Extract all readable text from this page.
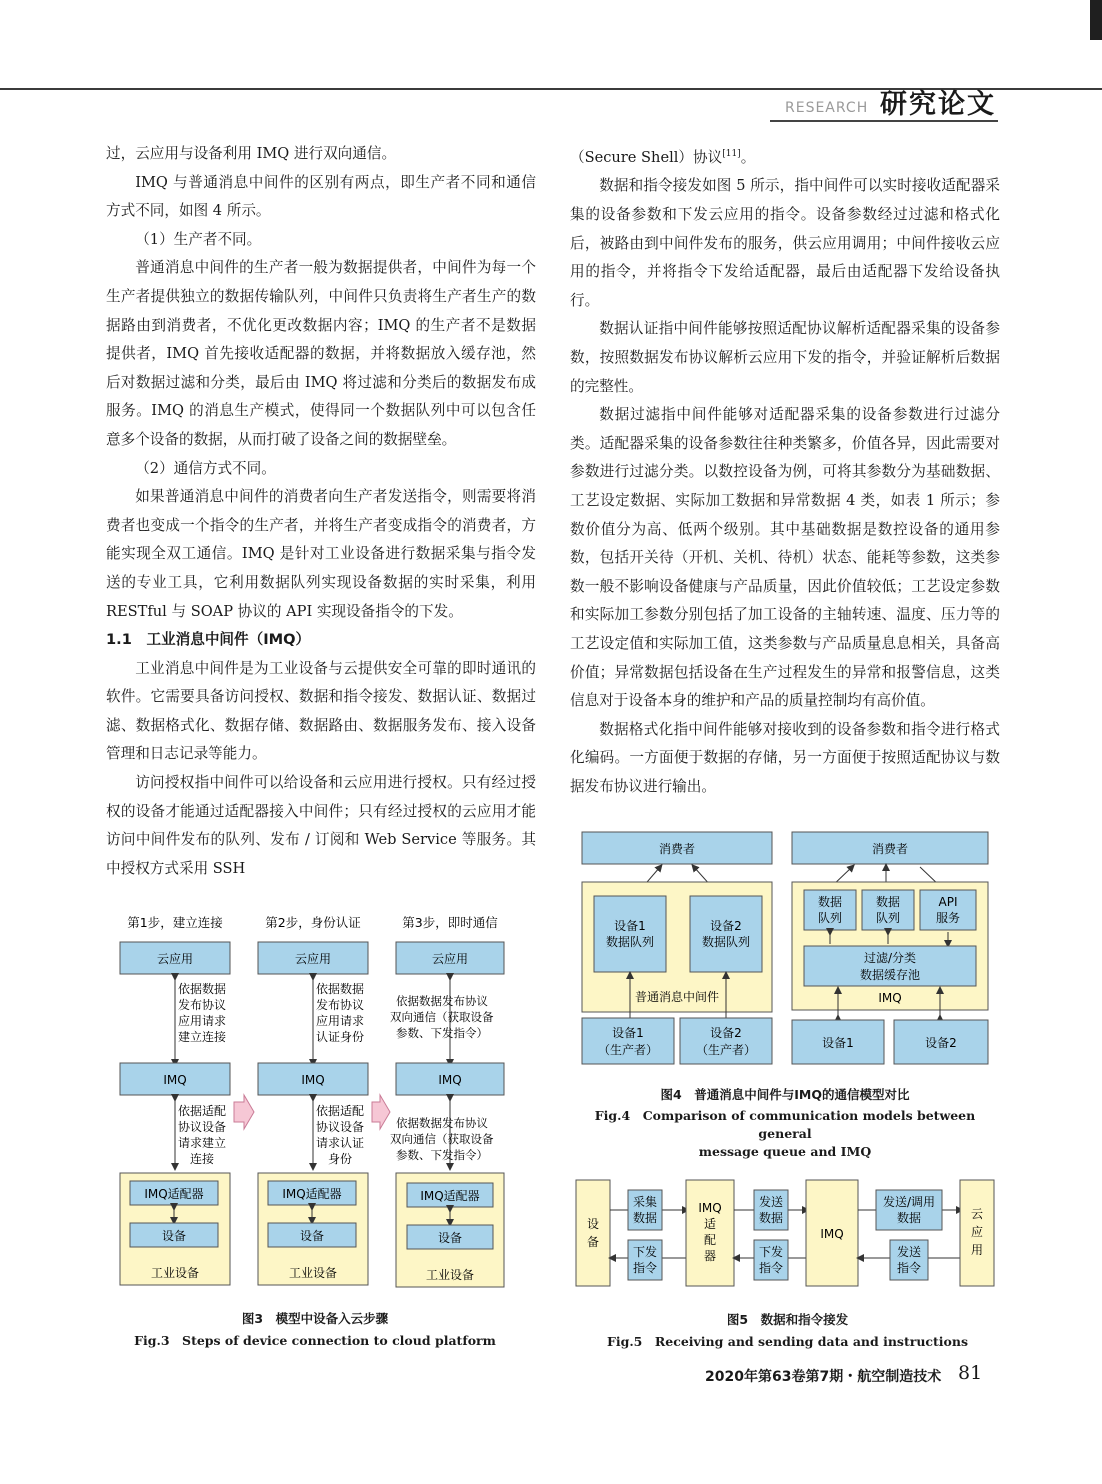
RESEARCH 研究论文

过，云应用与设备利用 IMQ 进行双向通信。

IMQ 与普通消息中间件的区别有两点，即生产者不同和通信方式不同，如图 4 所示。

（1）生产者不同。

普通消息中间件的生产者一般为数据提供者，中间件为每一个生产者提供独立的数据传输队列，中间件只负责将生产者生产的数据路由到消费者，不优化更改数据内容；IMQ 的生产者不是数据提供者，IMQ 首先接收适配器的数据，并将数据放入缓存池，然后对数据过滤和分类，最后由 IMQ 将过滤和分类后的数据发布成服务。IMQ 的消息生产模式，使得同一个数据队列中可以包含任意多个设备的数据，从而打破了设备之间的数据壁垒。

（2）通信方式不同。

如果普通消息中间件的消费者向生产者发送指令，则需要将消费者也变成一个指令的生产者，并将生产者变成指令的消费者，方能实现全双工通信。IMQ 是针对工业设备进行数据采集与指令发送的专业工具，它利用数据队列实现设备数据的实时采集，利用 RESTful 与 SOAP 协议的 API 实现设备指令的下发。

1.1　工业消息中间件（IMQ）

工业消息中间件是为工业设备与云提供安全可靠的即时通讯的软件。它需要具备访问授权、数据和指令接发、数据认证、数据过滤、数据格式化、数据存储、数据路由、数据服务发布、接入设备管理和日志记录等能力。

访问授权指中间件可以给设备和云应用进行授权。只有经过授权的设备才能通过适配器接入中间件；只有经过授权的云应用才能访问中间件发布的队列、发布 / 订阅和 Web Service 等服务。其中授权方式采用 SSH

（Secure Shell）协议[11]。

数据和指令接发如图 5 所示，指中间件可以实时接收适配器采集的设备参数和下发云应用的指令。设备参数经过过滤和格式化后，被路由到中间件发布的服务，供云应用调用；中间件接收云应用的指令，并将指令下发给适配器，最后由适配器下发给设备执行。

数据认证指中间件能够按照适配协议解析适配器采集的设备参数，按照数据发布协议解析云应用下发的指令，并验证解析后数据的完整性。

数据过滤指中间件能够对适配器采集的设备参数进行过滤分类。适配器采集的设备参数往往种类繁多，价值各异，因此需要对参数进行过滤分类。以数控设备为例，可将其参数分为基础数据、工艺设定数据、实际加工数据和异常数据 4 类，如表 1 所示；参数价值分为高、低两个级别。其中基础数据是数控设备的通用参数，包括开关待（开机、关机、待机）状态、能耗等参数，这类参数一般不影响设备健康与产品质量，因此价值较低；工艺设定参数和实际加工参数分别包括了加工设备的主轴转速、温度、压力等的工艺设定值和实际加工值，这类参数与产品质量息息相关，具备高价值；异常数据包括设备在生产过程发生的异常和报警信息，这类信息对于设备本身的维护和产品的质量控制均有高价值。

数据格式化指中间件能够对接收到的设备参数和指令进行格式化编码。一方面便于数据的存储，另一方面便于按照适配协议与数据发布协议进行输出。

第1步，建立连接	第2步，身份认证	第3步，即时通信
云应用
依据数据
发布协议
应用请求
建立连接
IMQ
依据适配
协议设备
请求建立
连接
IMQ适配器
设备
工业设备
云应用
依据数据
发布协议
应用请求
认证身份
IMQ
依据适配
协议设备
请求认证
身份
IMQ适配器
设备
工业设备
云应用
依据数据发布协议
双向通信（获取设备
参数、下发指令）
IMQ
依据数据发布协议
双向通信（获取设备
参数、下发指令）
IMQ适配器
设备
工业设备
图3　模型中设备入云步骤
Fig.3　Steps of device connection to cloud platform
消费者
设备1
数据队列
设备2
数据队列
普通消息中间件
设备1
（生产者）
设备2
（生产者）
消费者
数据
队列
数据
队列
API
服务
过滤/分类
数据缓存池
IMQ
设备1	设备2
图4　普通消息中间件与IMQ的通信模型对比
Fig.4　Comparison of communication models between general
message queue and IMQ
设
备
采集
数据
下发
指令
IMQ
适
配
器
发送
数据
下发
指令
IMQ
发送/调用
数据
发送
指令
云
应
用
图5　数据和指令接发
Fig.5　Receiving and sending data and instructions
2020年第63卷第7期・航空制造技术 81
